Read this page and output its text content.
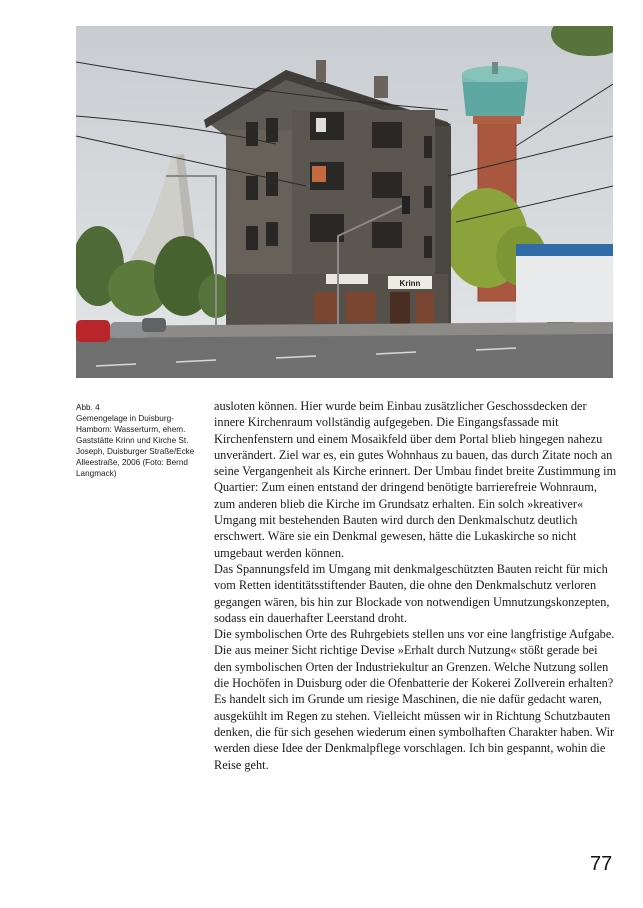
Krinn
Abb. 4
Gemengelage in Duisburg-Hamborn: Wasserturm, ehem. Gaststätte Krinn und Kirche St. Joseph, Duisburger Straße/Ecke Alleestraße, 2006 (Foto: Bernd Langmack)

ausloten können. Hier wurde beim Einbau zusätzlicher Geschossdecken der innere Kirchenraum vollständig aufgegeben. Die Eingangsfassade mit Kirchenfenstern und einem Mosaikfeld über dem Portal blieb hingegen nahezu unverändert. Ziel war es, ein gutes Wohnhaus zu bauen, das durch Zitate noch an seine Vergangenheit als Kirche erinnert. Der Umbau findet breite Zustimmung im Quartier: Zum einen entstand der dringend benötigte barrierefreie Wohnraum, zum anderen blieb die Kirche im Grundsatz erhalten. Ein solch »kreativer« Umgang mit bestehenden Bauten wird durch den Denkmalschutz deutlich erschwert. Wäre sie ein Denkmal gewesen, hätte die Lukaskirche so nicht umgebaut werden können.

Das Spannungsfeld im Umgang mit denkmalgeschützten Bauten reicht für mich vom Retten identitätsstiftender Bauten, die ohne den Denkmalschutz verloren gegangen wären, bis hin zur Blockade von notwendigen Umnutzungskonzepten, sodass ein dauerhafter Leerstand droht.

Die symbolischen Orte des Ruhrgebiets stellen uns vor eine langfristige Aufgabe. Die aus meiner Sicht richtige Devise »Erhalt durch Nutzung« stößt gerade bei den symbolischen Orten der Industriekultur an Grenzen. Welche Nutzung sollen die Hochöfen in Duisburg oder die Ofenbatterie der Kokerei Zollverein erhalten? Es handelt sich im Grunde um riesige Maschinen, die nie dafür gedacht waren, ausgekühlt im Regen zu stehen. Vielleicht müssen wir in Richtung Schutzbauten denken, die für sich gesehen wiederum einen symbolhaften Charakter haben. Wir werden diese Idee der Denkmalpflege vorschlagen. Ich bin gespannt, wohin die Reise geht.

77
